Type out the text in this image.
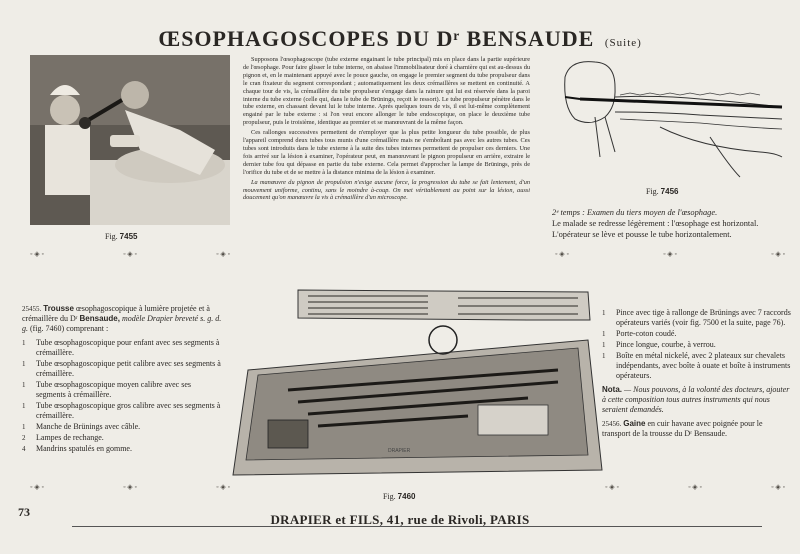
ŒSOPHAGOSCOPES DU Dʳ BENSAUDE (Suite)
Fig. 7455

Supposons l'œsophagoscope (tube externe engainant le tube principal) mis en place dans la partie supérieure de l'œsophage. Pour faire glisser le tube interne, on abaisse l'immobilisateur doré à charnière qui est au-dessus du pignon et, en le maintenant appuyé avec le pouce gauche, on engage le premier segment du tube propulseur dans le cran fixateur du segment correspondant ; automatiquement les deux crémaillères se mettent en continuité. A chaque tour de vis, la crémaillère du tube propulseur s'engage dans la rainure qui lui est réservée dans la paroi interne du tube externe (celle qui, dans le tube de Brünings, reçoit le ressort). Le tube propulseur pénètre dans le tube externe, en chassant devant lui le tube interne. Après quelques tours de vis, il est lui-même complètement engainé par le tube externe : si l'on veut encore allonger le tube endoscopique, on place le deuxième tube propulseur, puis le troisième, identique au premier et se manœuvrant de la même façon.

Ces rallonges successives permettent de n'employer que la plus petite longueur du tube possible, de plus l'appareil comprend deux tubes tous munis d'une crémaillère mais ne s'emboîtant pas avec les autres tubes. Ces tubes sont introduits dans le tube externe à la suite des tubes internes permettent de propulser ces derniers. Une fois arrivé sur la lésion à examiner, l'opérateur peut, en manœuvrant le pignon propulseur en arrière, extraire le dernier tube fou qui dépasse en partie du tube externe. Cela permet d'approcher la lampe de Brünings, près de l'orifice du tube et de se mettre à la distance minima de la lésion à examiner.

La manœuvre du pignon de propulsion n'exige aucune force, la progression du tube se fait lentement, d'un mouvement uniforme, continu, sans le moindre à-coup. On met véritablement au point sur la lésion, aussi doucement qu'on manœuvre la vis à crémaillère d'un microscope.

Fig. 7456

2ᵉ temps : Examen du tiers moyen de l'œsophage.

Le malade se redresse légèrement : l'œsophage est horizontal.

L'opérateur se lève et pousse le tube horizontalement.

◦ ◈ ◦	◦ ◈ ◦	◦ ◈ ◦	◦ ◈ ◦	◦ ◈ ◦	◦ ◈ ◦
◦ ◈ ◦	◦ ◈ ◦	◦ ◈ ◦	◦ ◈ ◦	◦ ◈ ◦	◦ ◈ ◦
25455. Trousse œsophagoscopique à lumière projetée et à crémaillère du Dʳ Bensaude, modèle Drapier breveté s. g. d. g. (fig. 7460) comprenant :
1	Tube œsophagoscopique pour enfant avec ses segments à crémaillère.
1	Tube œsophagoscopique petit calibre avec ses segments à crémaillère.
1	Tube œsophagoscopique moyen calibre avec ses segments à crémaillère.
1	Tube œsophagoscopique gros calibre avec ses segments à crémaillère.
1	Manche de Brünings avec câble.
2	Lampes de rechange.
4	Mandrins spatulés en gomme.	DRAPIER
Fig. 7460
1	Pince avec tige à rallonge de Brünings avec 7 raccords opérateurs variés (voir fig. 7500 et la suite, page 76).
1	Porte-coton coudé.
1	Pince longue, courbe, à verrou.
1	Boîte en métal nickelé, avec 2 plateaux sur chevalets indépendants, avec boîte à ouate et boîte à instruments opérateurs.
Nota. — Nous pouvons, à la volonté des docteurs, ajouter à cette composition tous autres instruments qui nous seraient demandés.
25456. Gaine en cuir havane avec poignée pour le transport de la trousse du Dʳ Bensaude.
73	DRAPIER et FILS, 41, rue de Rivoli, PARIS
